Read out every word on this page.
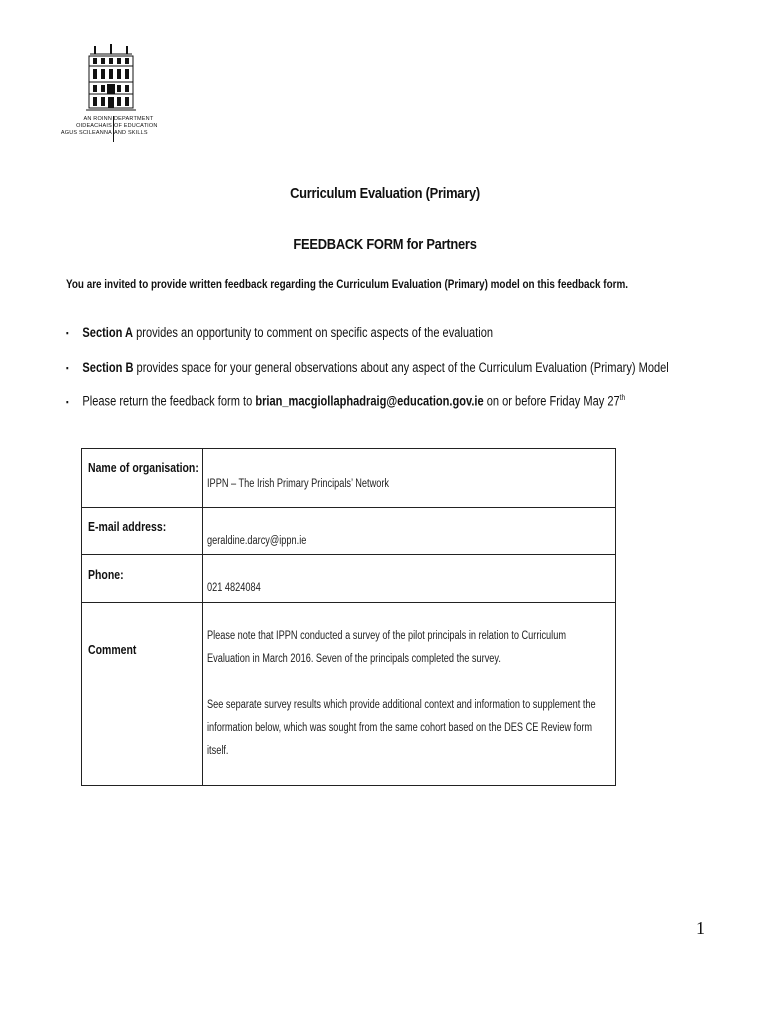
AN ROINN
OIDEACHAIS
AGUS SCILEANNA
DEPARTMENT
OF EDUCATION
AND SKILLS
Curriculum Evaluation (Primary)
FEEDBACK FORM for Partners
You are invited to provide written feedback regarding the Curriculum Evaluation (Primary) model on this feedback form.
▪ Section A provides an opportunity to comment on specific aspects of the evaluation
▪ Section B provides space for your general observations about any aspect of the Curriculum Evaluation (Primary) Model
▪ Please return the feedback form to brian_macgiollaphadraig@education.gov.ie on or before Friday May 27th
Name of organisation:
IPPN – The Irish Primary Principals’ Network
E-mail address:
geraldine.darcy@ippn.ie
Phone:
021 4824084
Comment
Please note that IPPN conducted a survey of the pilot principals in relation to Curriculum Evaluation in March 2016. Seven of the principals completed the survey.
See separate survey results which provide additional context and information to supplement the information below, which was sought from the same cohort based on the DES CE Review form itself.
1
